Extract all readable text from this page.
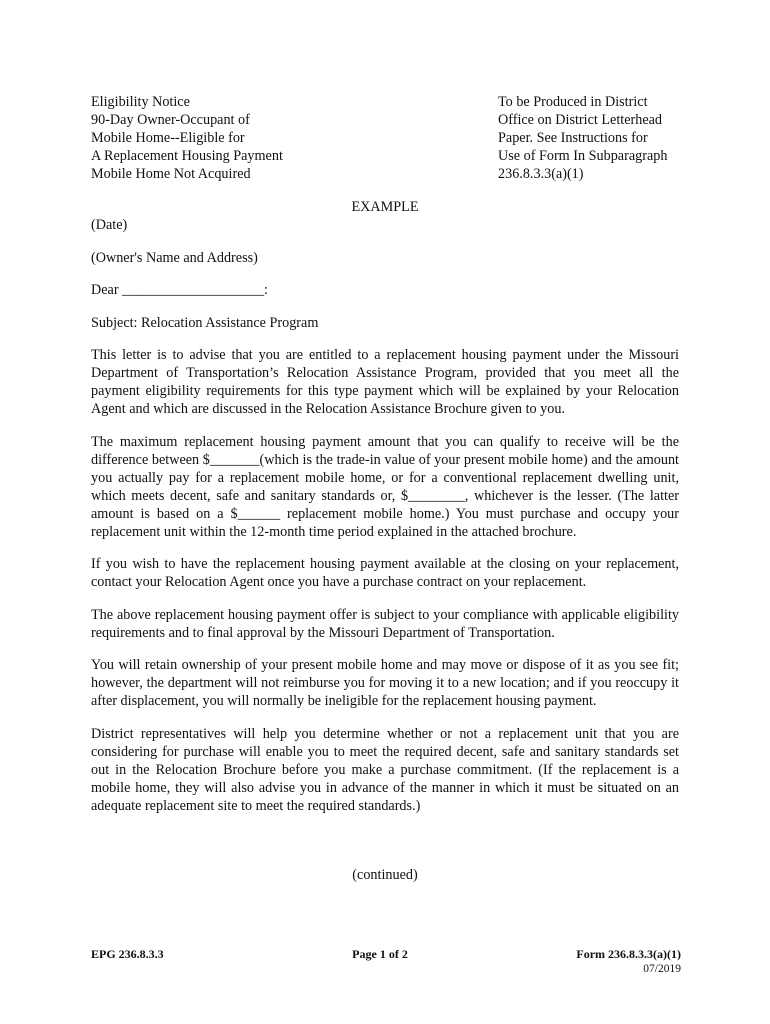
Eligibility Notice
90-Day Owner-Occupant of
Mobile Home--Eligible for
A Replacement Housing Payment
Mobile Home Not Acquired
To be Produced in District
Office on District Letterhead
Paper. See Instructions for
Use of Form In Subparagraph
236.8.3.3(a)(1)
EXAMPLE

(Date)

(Owner's Name and Address)

Dear ____________________:

Subject: Relocation Assistance Program

This letter is to advise that you are entitled to a replacement housing payment under the Missouri Department of Transportation’s Relocation Assistance Program, provided that you meet all the payment eligibility requirements for this type payment which will be explained by your Relocation Agent and which are discussed in the Relocation Assistance Brochure given to you.

The maximum replacement housing payment amount that you can qualify to receive will be the difference between $_______(which is the trade-in value of your present mobile home) and the amount you actually pay for a replacement mobile home, or for a conventional replacement dwelling unit, which meets decent, safe and sanitary standards or, $________, whichever is the lesser. (The latter amount is based on a $______ replacement mobile home.) You must purchase and occupy your replacement unit within the 12-month time period explained in the attached brochure.

If you wish to have the replacement housing payment available at the closing on your replacement, contact your Relocation Agent once you have a purchase contract on your replacement.

The above replacement housing payment offer is subject to your compliance with applicable eligibility requirements and to final approval by the Missouri Department of Transportation.

You will retain ownership of your present mobile home and may move or dispose of it as you see fit; however, the department will not reimburse you for moving it to a new location; and if you reoccupy it after displacement, you will normally be ineligible for the replacement housing payment.

District representatives will help you determine whether or not a replacement unit that you are considering for purchase will enable you to meet the required decent, safe and sanitary standards set out in the Relocation Brochure before you make a purchase commitment. (If the replacement is a mobile home, they will also advise you in advance of the manner in which it must be situated on an adequate replacement site to meet the required standards.)

(continued)
EPG 236.8.3.3	Page 1 of 2	Form 236.8.3.3(a)(1)
07/2019
